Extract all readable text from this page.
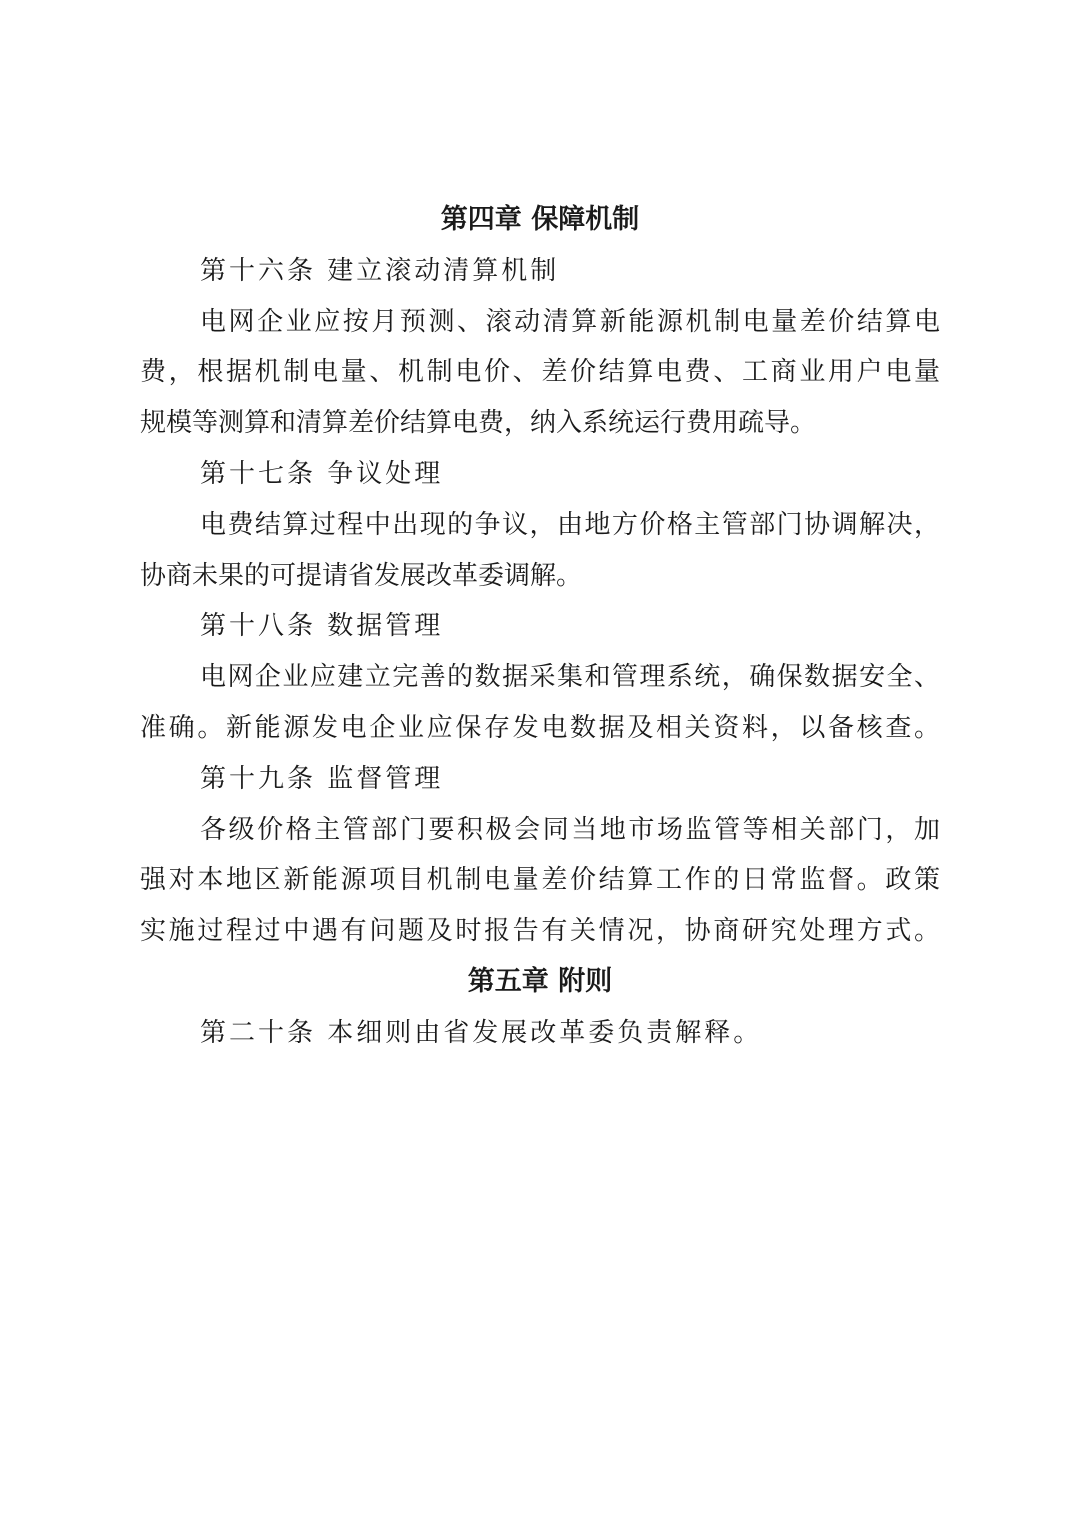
第四章 保障机制
第十六条 建立滚动清算机制
电网企业应按月预测、滚动清算新能源机制电量差价结算电
费，根据机制电量、机制电价、差价结算电费、工商业用户电量
规模等测算和清算差价结算电费，纳入系统运行费用疏导。
第十七条 争议处理
电费结算过程中出现的争议，由地方价格主管部门协调解决，
协商未果的可提请省发展改革委调解。
第十八条 数据管理
电网企业应建立完善的数据采集和管理系统，确保数据安全、
准确。新能源发电企业应保存发电数据及相关资料，以备核查。
第十九条 监督管理
各级价格主管部门要积极会同当地市场监管等相关部门，加
强对本地区新能源项目机制电量差价结算工作的日常监督。政策
实施过程过中遇有问题及时报告有关情况，协商研究处理方式。
第五章 附则
第二十条 本细则由省发展改革委负责解释。
